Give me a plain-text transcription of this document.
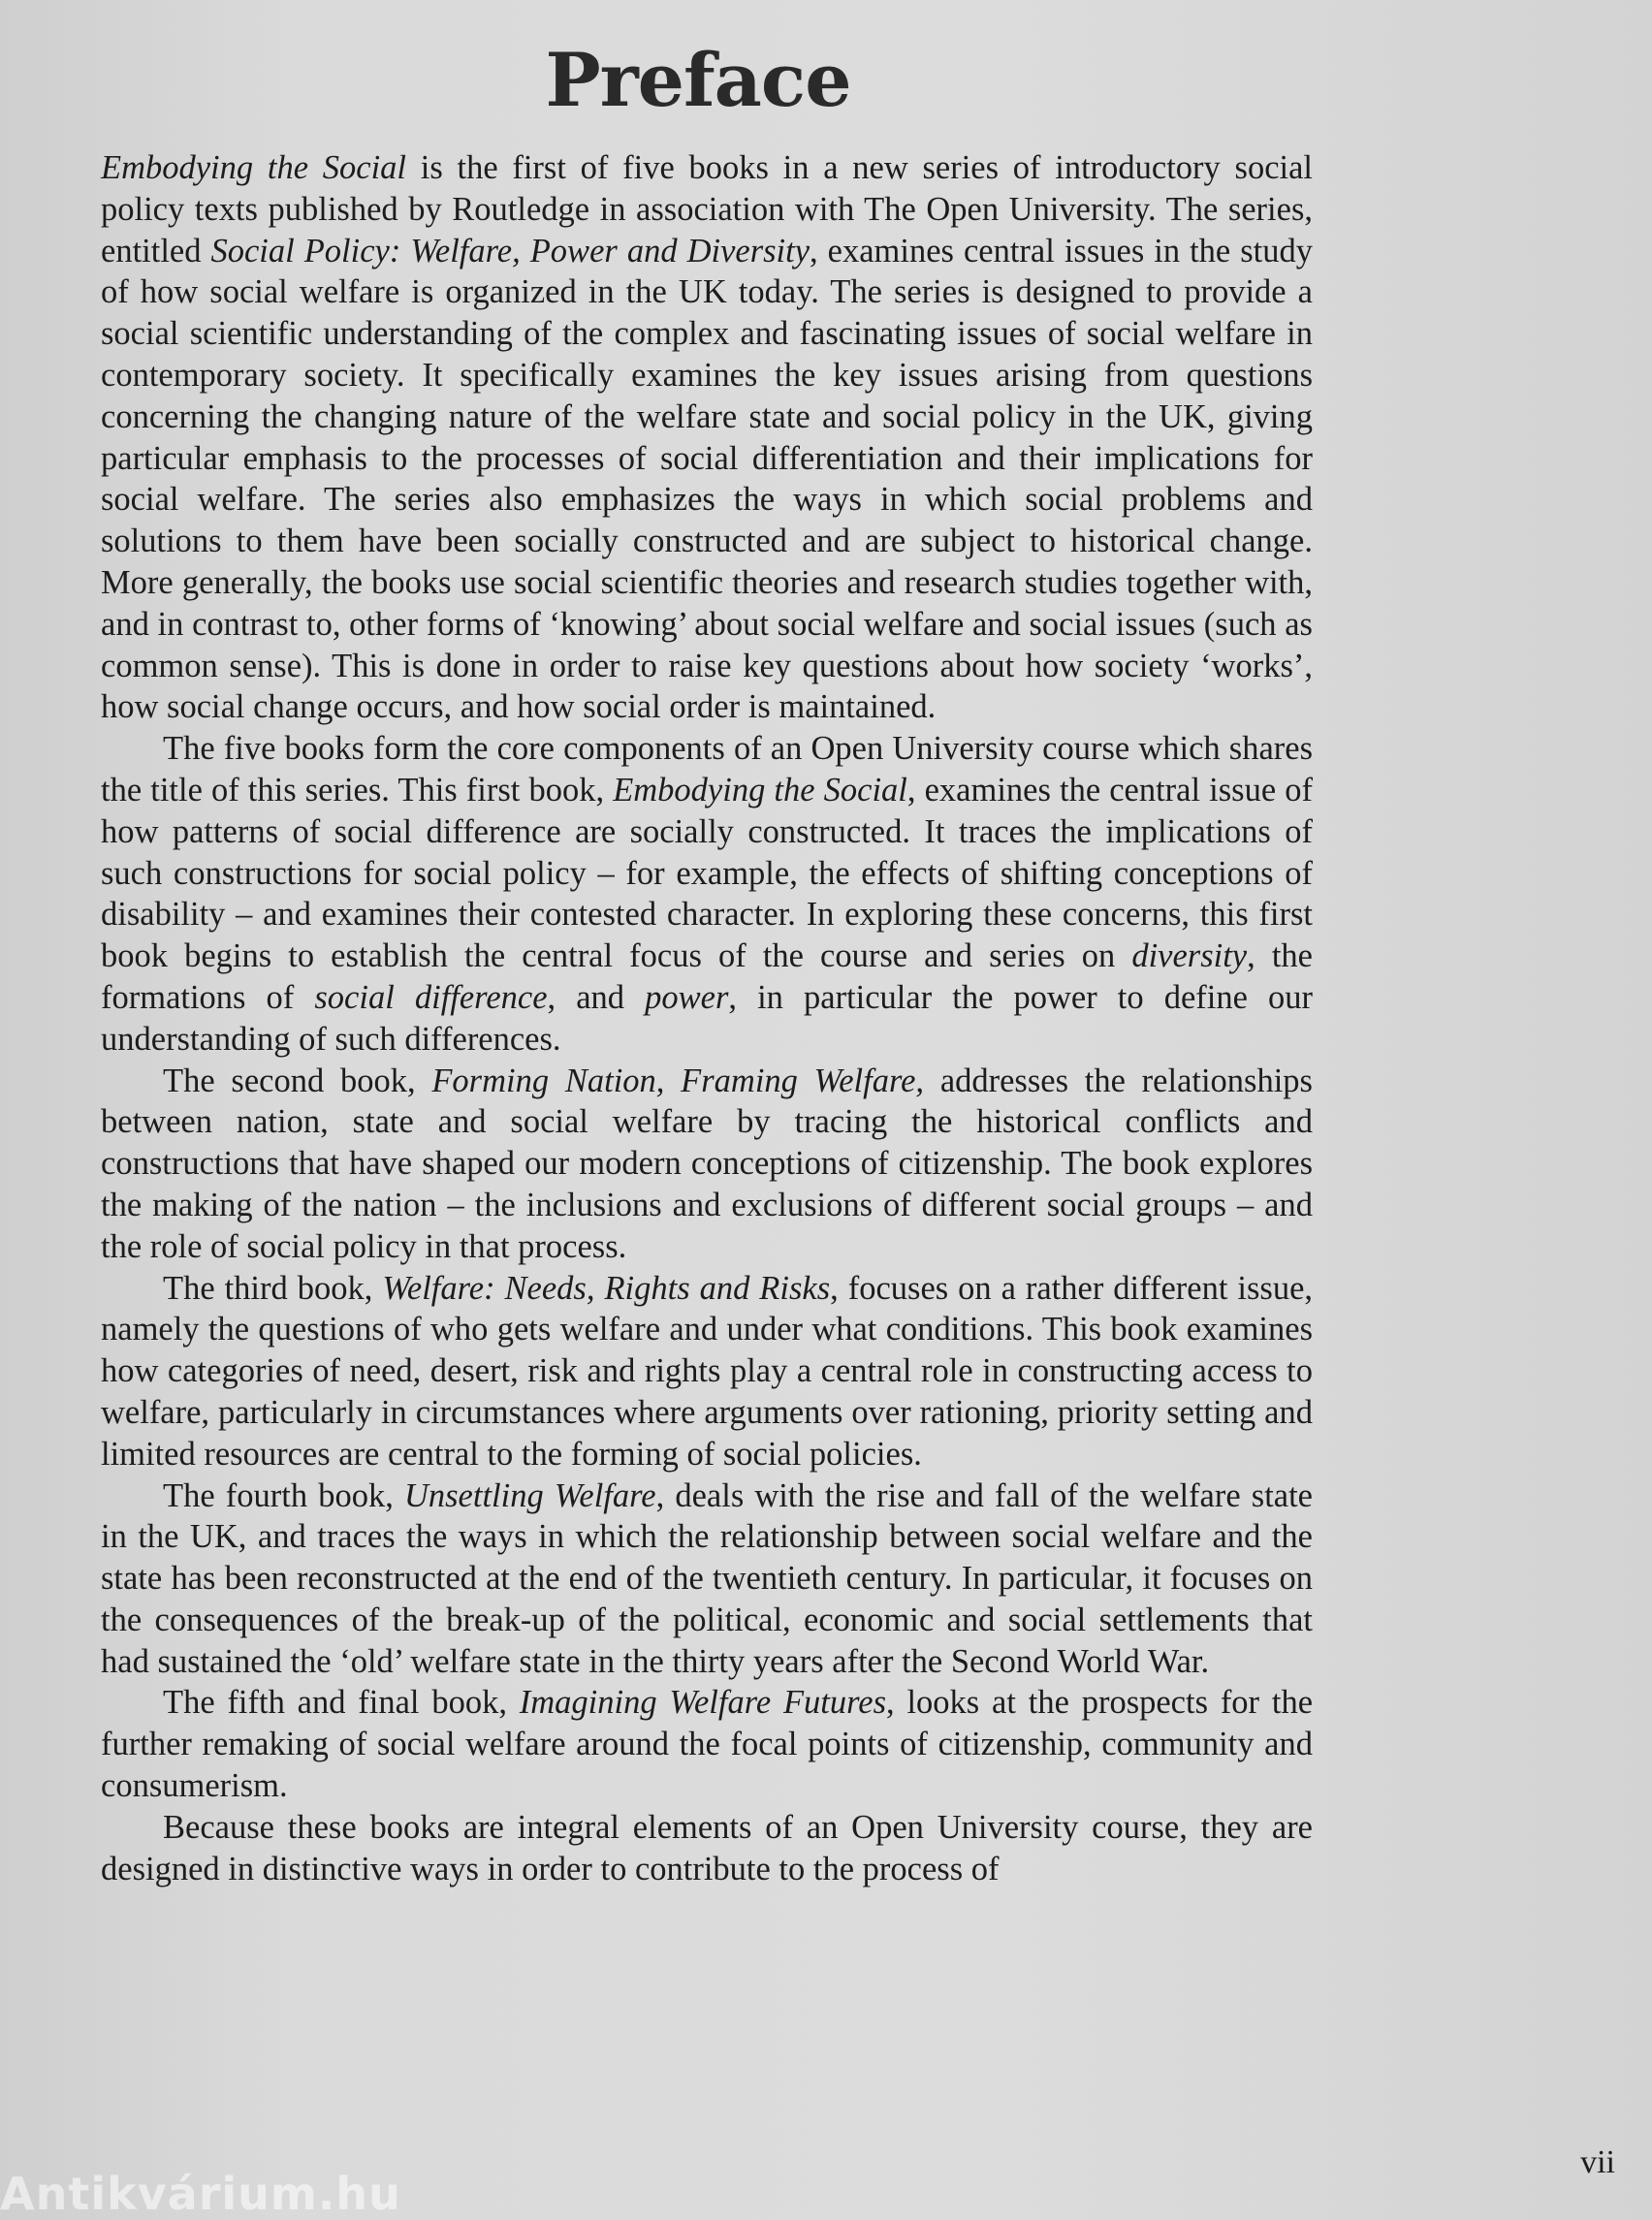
Preface

Embodying the Social is the first of five books in a new series of introductory social policy texts published by Routledge in association with The Open University. The series, entitled Social Policy: Welfare, Power and Diversity, examines central issues in the study of how social welfare is organized in the UK today. The series is designed to provide a social scientific understanding of the complex and fascinating issues of social welfare in contemporary society. It specifically examines the key issues arising from questions concerning the changing nature of the welfare state and social policy in the UK, giving particular emphasis to the processes of social differentiation and their implications for social welfare. The series also emphasizes the ways in which social problems and solutions to them have been socially constructed and are subject to historical change. More generally, the books use social scientific theories and research studies together with, and in contrast to, other forms of ‘knowing’ about social welfare and social issues (such as common sense). This is done in order to raise key questions about how society ‘works’, how social change occurs, and how social order is maintained.

The five books form the core components of an Open University course which shares the title of this series. This first book, Embodying the Social, examines the central issue of how patterns of social difference are socially constructed. It traces the implications of such constructions for social policy – for example, the effects of shifting conceptions of disability – and examines their contested character. In exploring these concerns, this first book begins to establish the central focus of the course and series on diversity, the formations of social difference, and power, in particular the power to define our understanding of such differences.

The second book, Forming Nation, Framing Welfare, addresses the relationships between nation, state and social welfare by tracing the historical conflicts and constructions that have shaped our modern conceptions of citizenship. The book explores the making of the nation – the inclusions and exclusions of different social groups – and the role of social policy in that process.

The third book, Welfare: Needs, Rights and Risks, focuses on a rather different issue, namely the questions of who gets welfare and under what conditions. This book examines how categories of need, desert, risk and rights play a central role in constructing access to welfare, particularly in circumstances where arguments over rationing, priority setting and limited resources are central to the forming of social policies.

The fourth book, Unsettling Welfare, deals with the rise and fall of the welfare state in the UK, and traces the ways in which the relationship between social welfare and the state has been reconstructed at the end of the twentieth century. In particular, it focuses on the consequences of the break-up of the political, economic and social settlements that had sustained the ‘old’ welfare state in the thirty years after the Second World War.

The fifth and final book, Imagining Welfare Futures, looks at the prospects for the further remaking of social welfare around the focal points of citizenship, community and consumerism.

Because these books are integral elements of an Open University course, they are designed in distinctive ways in order to contribute to the process of

vii
Antikvárium.hu
